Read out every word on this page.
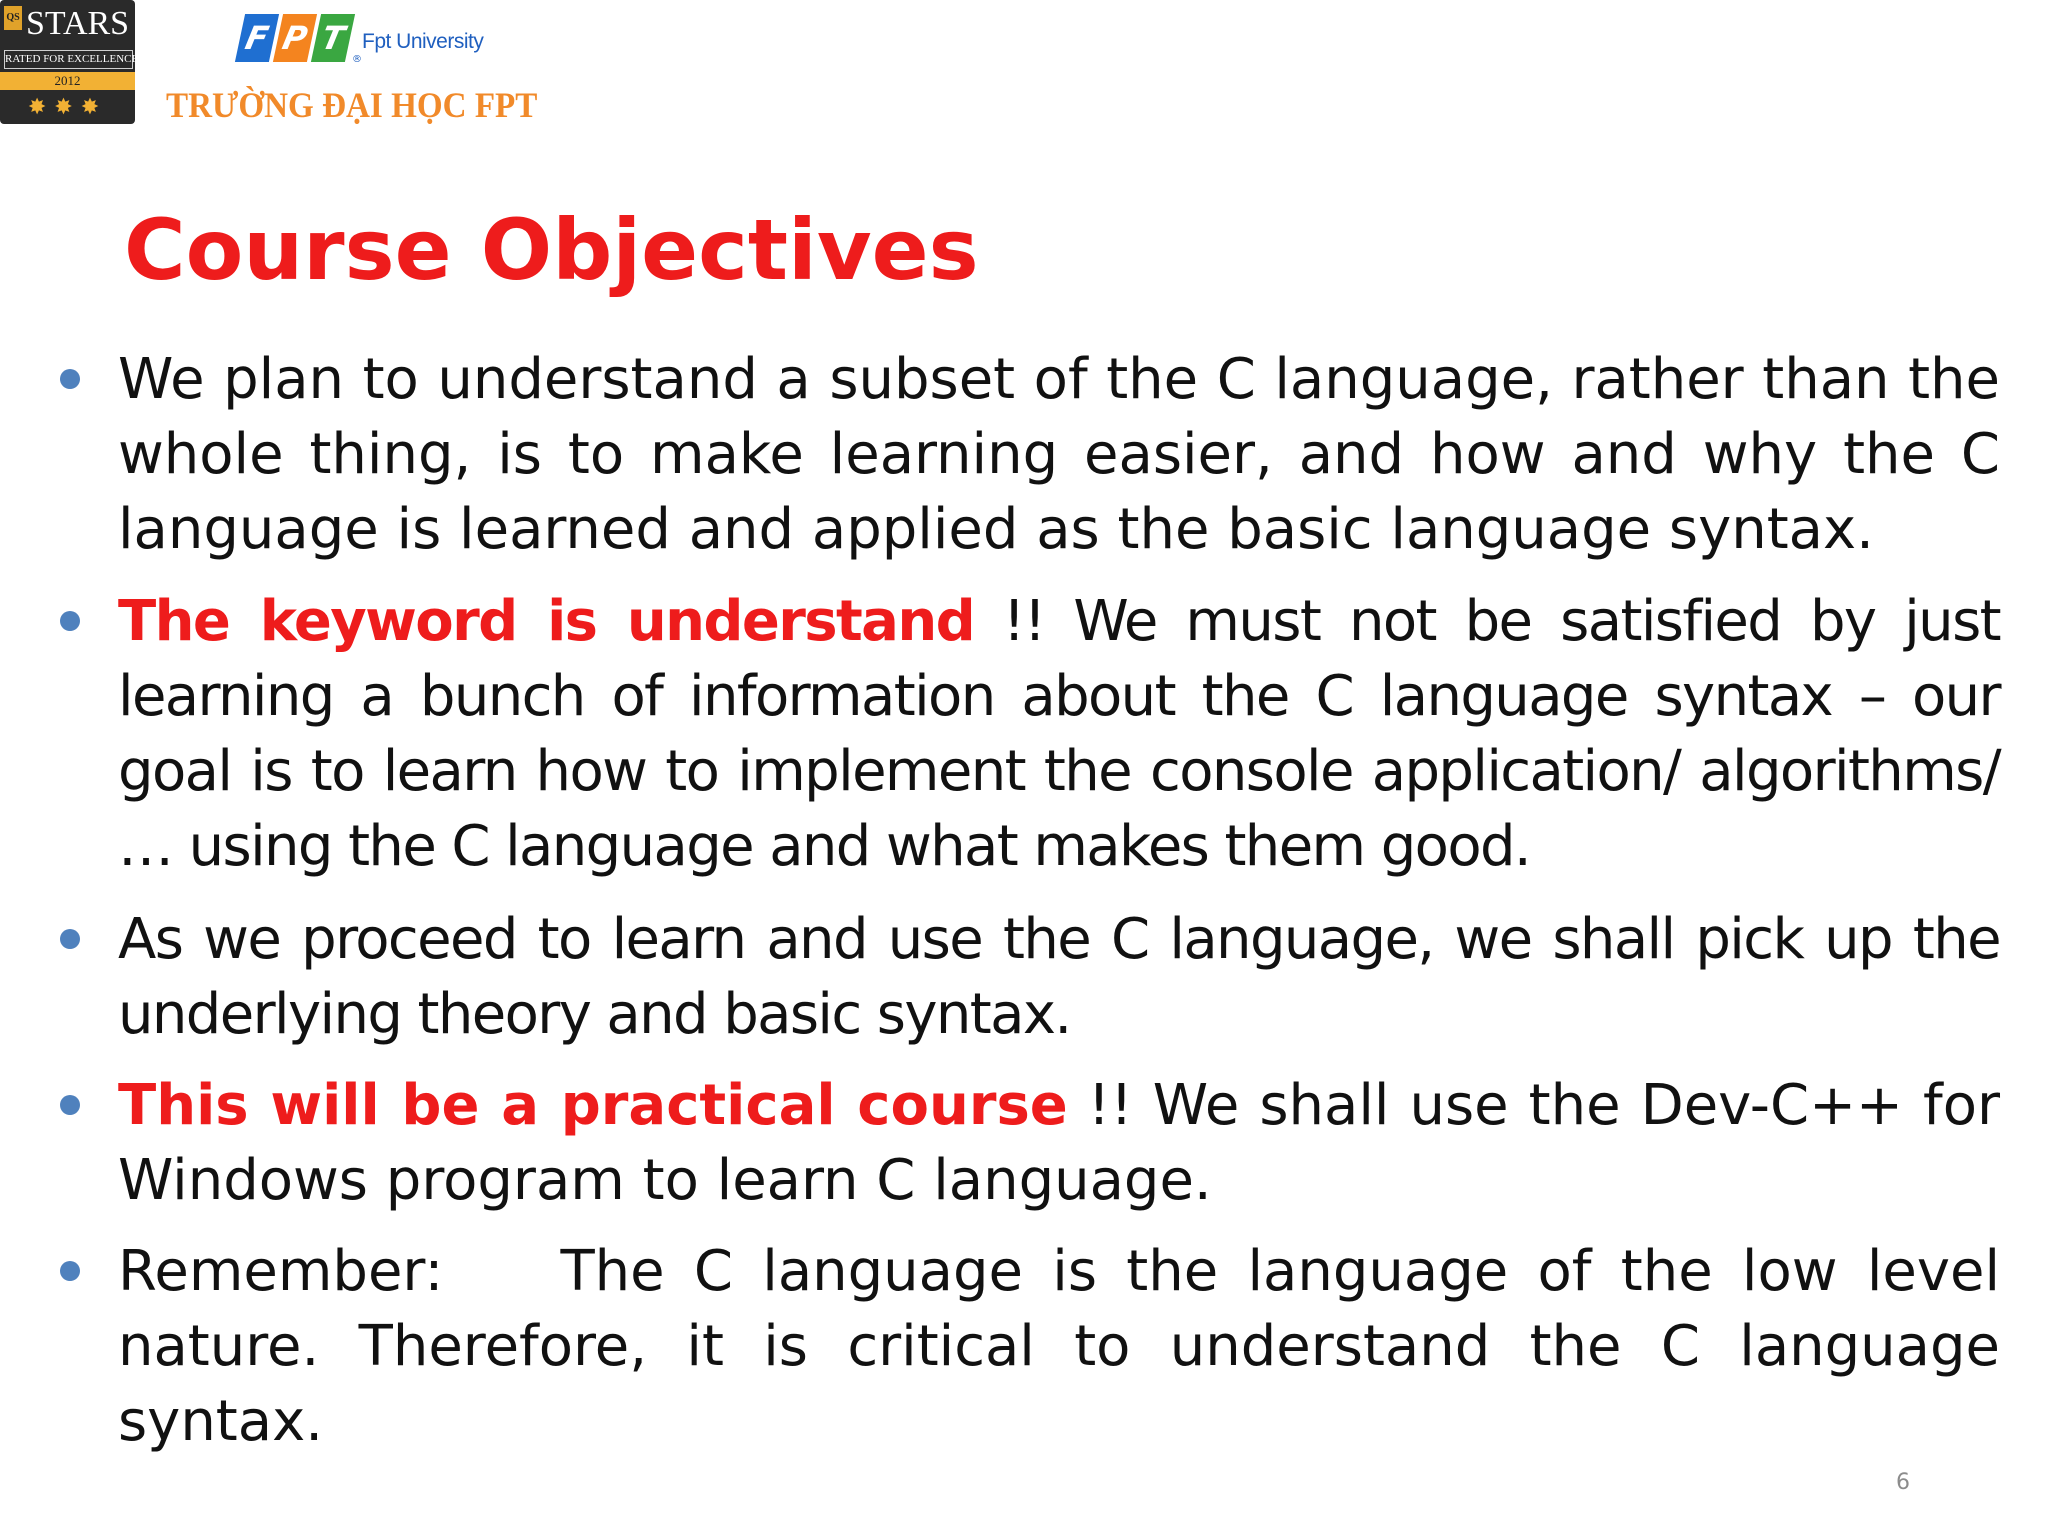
QS STARS
RATED FOR EXCELLENCE
2012
✸✸✸
F P T
®
Fpt University
TRƯỜNG ĐẠI HỌC FPT
Course Objectives

We plan to understand a subset of the C language, rather than the whole thing, is to make learning easier, and how and why the C language is learned and applied as the basic language syntax.

The keyword is understand !! We must not be satisfied by just learning a bunch of information about the C language syntax – our goal is to learn how to implement the console application/ algorithms/ … using the C language and what makes them good.

As we proceed to learn and use the C language, we shall pick up the underlying theory and basic syntax.

This will be a practical course !! We shall use the Dev-C++ for Windows program to learn C language.

Remember:    The C language is the language of the low level nature. Therefore, it is critical to understand the C language syntax.

6
